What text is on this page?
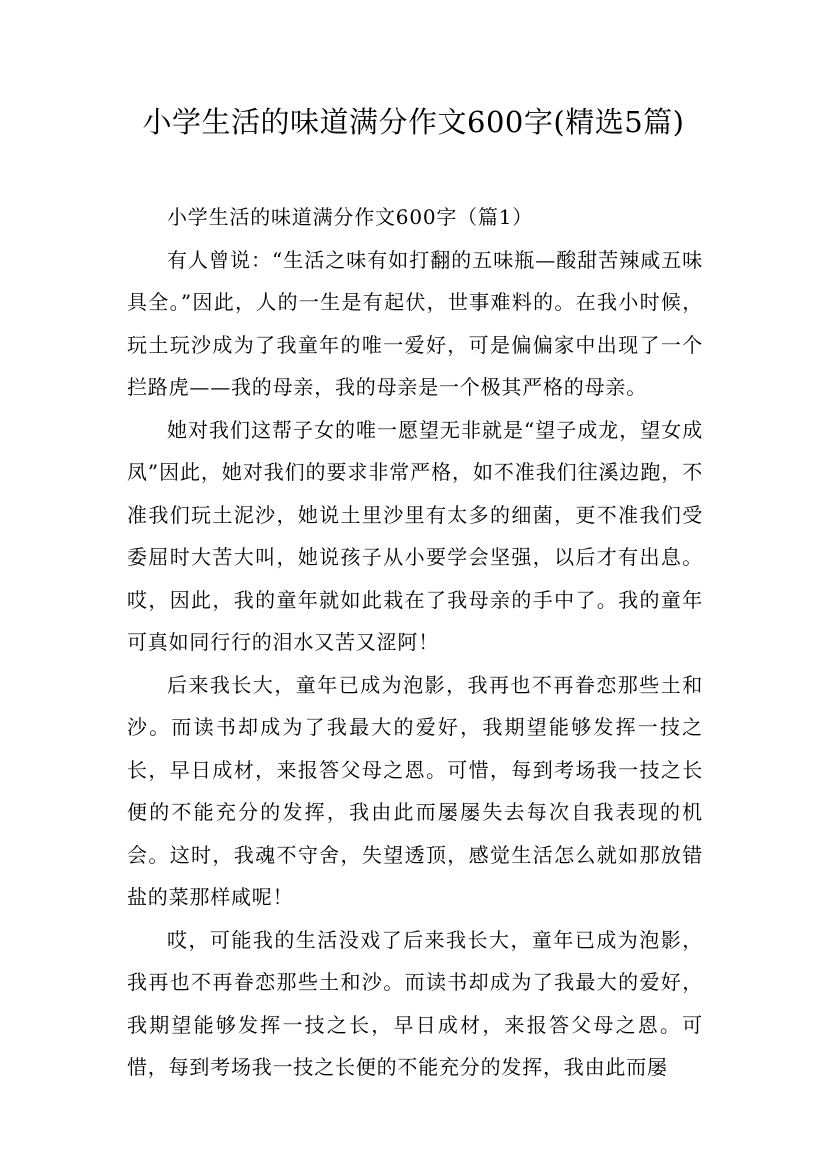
小学生活的味道满分作文600字(精选5篇)

小学生活的味道满分作文600字（篇1）

有人曾说：“生活之味有如打翻的五味瓶—酸甜苦辣咸五味具全。”因此，人的一生是有起伏，世事难料的。在我小时候，玩土玩沙成为了我童年的唯一爱好，可是偏偏家中出现了一个拦路虎——我的母亲，我的母亲是一个极其严格的母亲。

她对我们这帮子女的唯一愿望无非就是“望子成龙，望女成凤”因此，她对我们的要求非常严格，如不准我们往溪边跑，不准我们玩土泥沙，她说土里沙里有太多的细菌，更不准我们受委屈时大苦大叫，她说孩子从小要学会坚强，以后才有出息。哎，因此，我的童年就如此栽在了我母亲的手中了。我的童年可真如同行行的泪水又苦又涩阿！

后来我长大，童年已成为泡影，我再也不再眷恋那些土和沙。而读书却成为了我最大的爱好，我期望能够发挥一技之长，早日成材，来报答父母之恩。可惜，每到考场我一技之长便的不能充分的发挥，我由此而屡屡失去每次自我表现的机会。这时，我魂不守舍，失望透顶，感觉生活怎么就如那放错盐的菜那样咸呢！

哎，可能我的生活没戏了后来我长大，童年已成为泡影，我再也不再眷恋那些土和沙。而读书却成为了我最大的爱好，我期望能够发挥一技之长，早日成材，来报答父母之恩。可惜，每到考场我一技之长便的不能充分的发挥，我由此而屡
